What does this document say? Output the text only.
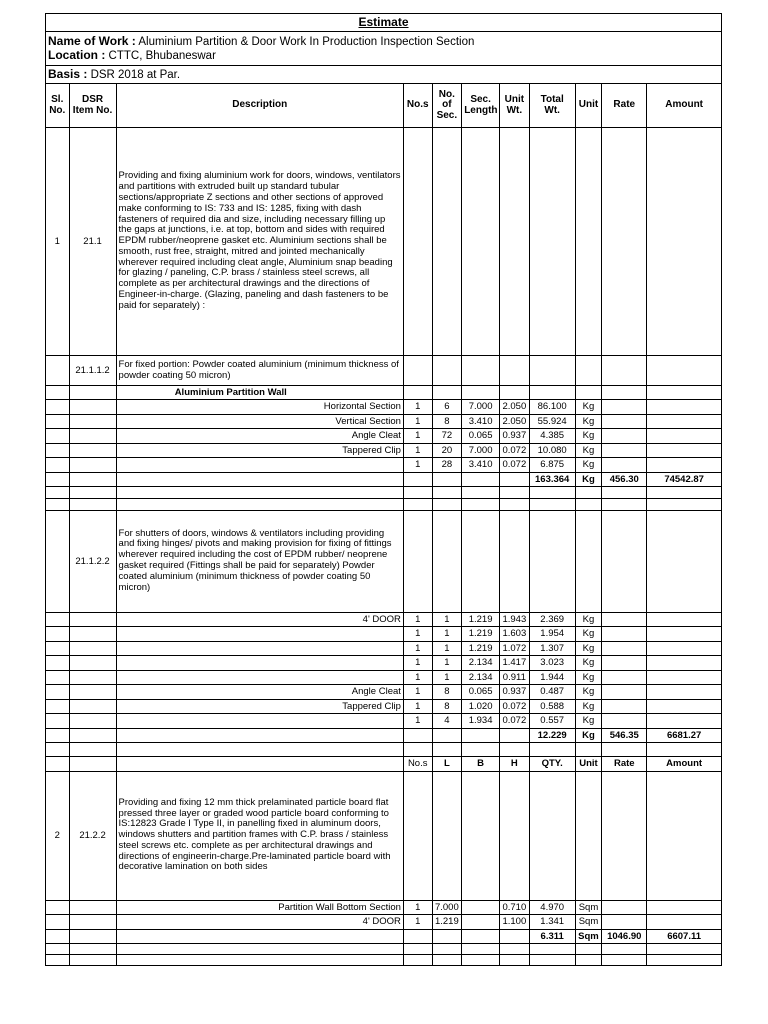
Estimate										
Name of Work : Aluminium Partition & Door Work In Production Inspection Section
Location : CTTC, Bhubaneswar										
Basis : DSR 2018 at Par.										
Sl. No.	DSR Item No.	Description	No.s	No. of Sec.	Sec. Length	Unit Wt.	Total Wt.	Unit	Rate	Amount
1	21.1	Providing and fixing aluminium work for doors, windows, ventilators and partitions with extruded built up standard tubular sections/appropriate Z sections and other sections of approved make conforming to IS: 733 and IS: 1285, fixing with dash fasteners of required dia and size, including necessary filling up the gaps at junctions, i.e. at top, bottom and sides with required EPDM rubber/neoprene gasket etc. Aluminium sections shall be smooth, rust free, straight, mitred and jointed mechanically wherever required including cleat angle, Aluminium snap beading for glazing / paneling, C.P. brass / stainless steel screws, all complete as per architectural drawings and the directions of Engineer-in-charge. (Glazing, paneling and dash fasteners to be paid for separately) :								
	21.1.1.2	For fixed portion: Powder coated aluminium (minimum thickness of powder coating 50 micron)								
		Aluminium Partition Wall								
		Horizontal Section	1	6	7.000	2.050	86.100	Kg		
		Vertical Section	1	8	3.410	2.050	55.924	Kg		
		Angle Cleat	1	72	0.065	0.937	4.385	Kg		
		Tappered Clip	1	20	7.000	0.072	10.080	Kg		
			1	28	3.410	0.072	6.875	Kg		
							163.364	Kg	456.30	74542.87

	21.1.2.2	For shutters of doors, windows & ventilators including providing and fixing hinges/ pivots and making provision for fixing of fittings wherever required including the cost of EPDM rubber/ neoprene gasket required (Fittings shall be paid for separately) Powder coated aluminium (minimum thickness of powder coating 50 micron)								
		4' DOOR	1	1	1.219	1.943	2.369	Kg		
			1	1	1.219	1.603	1.954	Kg		
			1	1	1.219	1.072	1.307	Kg		
			1	1	2.134	1.417	3.023	Kg		
			1	1	2.134	0.911	1.944	Kg		
		Angle Cleat	1	8	0.065	0.937	0.487	Kg		
		Tappered Clip	1	8	1.020	0.072	0.588	Kg		
			1	4	1.934	0.072	0.557	Kg		
							12.229	Kg	546.35	6681.27

			No.s	L	B	H	QTY.	Unit	Rate	Amount
2	21.2.2	Providing and fixing 12 mm thick prelaminated particle board flat pressed three layer or graded wood particle board conforming to IS:12823 Grade I Type II, in panelling fixed in aluminum doors, windows shutters and partition frames with C.P. brass / stainless steel screws etc. complete as per architectural drawings and directions of engineerin-charge.Pre-laminated particle board with decorative lamination on both sides								
		Partition Wall Bottom Section	1	7.000		0.710	4.970	Sqm		
		4' DOOR	1	1.219		1.100	1.341	Sqm		
							6.311	Sqm	1046.90	6607.11
